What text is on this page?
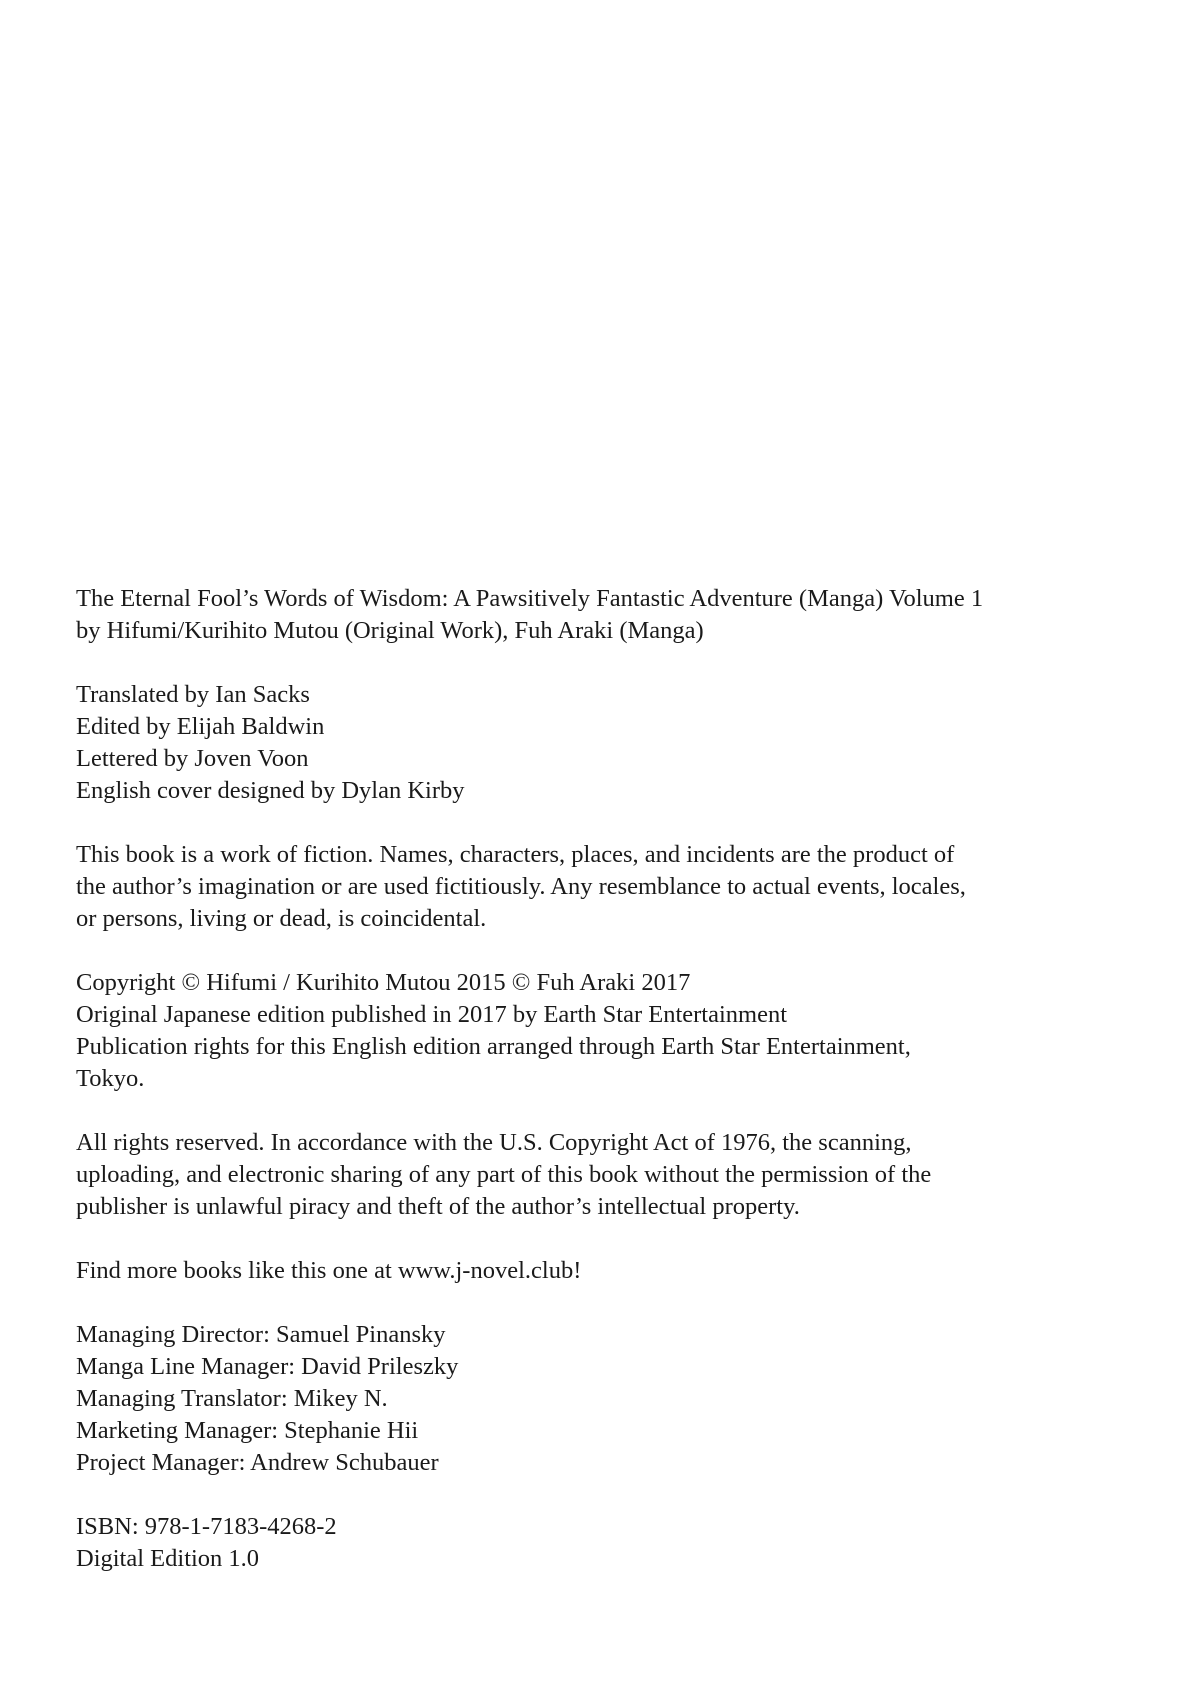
The Eternal Fool’s Words of Wisdom: A Pawsitively Fantastic Adventure (Manga) Volume 1
by Hifumi/Kurihito Mutou (Original Work), Fuh Araki (Manga)
Translated by Ian Sacks
Edited by Elijah Baldwin
Lettered by Joven Voon
English cover designed by Dylan Kirby
This book is a work of fiction. Names, characters, places, and incidents are the product of
the author’s imagination or are used fictitiously. Any resemblance to actual events, locales,
or persons, living or dead, is coincidental.
Copyright © Hifumi / Kurihito Mutou 2015 © Fuh Araki 2017
Original Japanese edition published in 2017 by Earth Star Entertainment
Publication rights for this English edition arranged through Earth Star Entertainment,
Tokyo.
All rights reserved. In accordance with the U.S. Copyright Act of 1976, the scanning,
uploading, and electronic sharing of any part of this book without the permission of the
publisher is unlawful piracy and theft of the author’s intellectual property.
Find more books like this one at www.j-novel.club!
Managing Director: Samuel Pinansky
Manga Line Manager: David Prileszky
Managing Translator: Mikey N.
Marketing Manager: Stephanie Hii
Project Manager: Andrew Schubauer
ISBN: 978-1-7183-4268-2
Digital Edition 1.0
